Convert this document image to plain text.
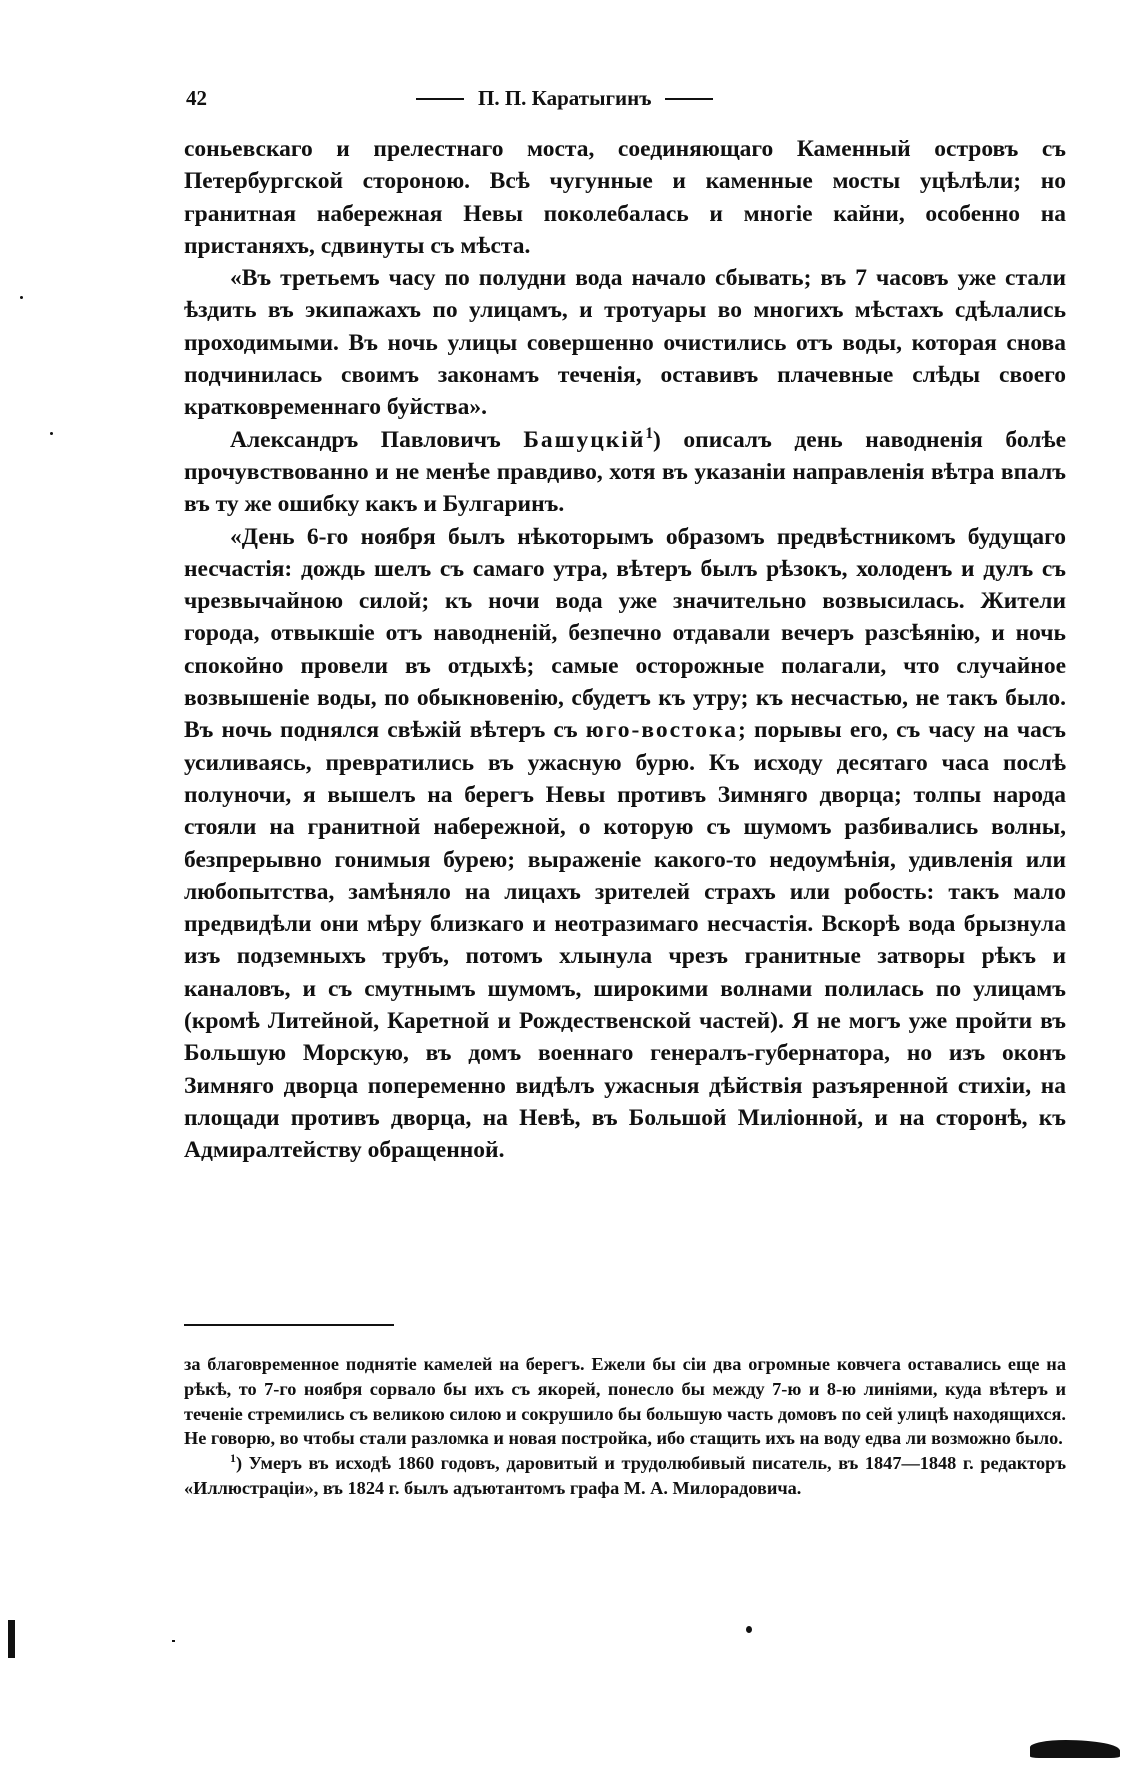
42	П. П. Каратыгинъ

соньевскаго и прелестнаго моста, соединяющаго Каменный островъ съ Петербургской стороною. Всѣ чугунные и каменные мосты уцѣлѣли; но гранитная набережная Невы поколебалась и многіе кайни, особенно на пристаняхъ, сдвинуты съ мѣста.

«Въ третьемъ часу по полудни вода начало сбывать; въ 7 часовъ уже стали ѣздить въ экипажахъ по улицамъ, и тротуары во многихъ мѣстахъ сдѣлались проходимыми. Въ ночь улицы совершенно очистились отъ воды, которая снова подчинилась своимъ законамъ теченія, оставивъ плачевные слѣды своего кратковременнаго буйства».

Александръ Павловичъ Башуцкій$^1$) описалъ день наводненія болѣе прочувствованно и не менѣе правдиво, хотя въ указаніи направленія вѣтра впалъ въ ту же ошибку какъ и Булгаринъ.

«День 6-го ноября былъ нѣкоторымъ образомъ предвѣстникомъ будущаго несчастія: дождь шелъ съ самаго утра, вѣтеръ былъ рѣзокъ, холоденъ и дулъ съ чрезвычайною силой; къ ночи вода уже значительно возвысилась. Жители города, отвыкшіе отъ наводненій, безпечно отдавали вечеръ разсѣянію, и ночь спокойно провели въ отдыхѣ; самые осторожные полагали, что случайное возвышеніе воды, по обыкновенію, сбудетъ къ утру; къ несчастью, не такъ было. Въ ночь поднялся свѣжій вѣтеръ съ юго-востока; порывы его, съ часу на часъ усиливаясь, превратились въ ужасную бурю. Къ исходу десятаго часа послѣ полуночи, я вышелъ на берегъ Невы противъ Зимняго дворца; толпы народа стояли на гранитной набережной, о которую съ шумомъ разбивались волны, безпрерывно гонимыя бурею; выраженіе какого-то недоумѣнія, удивленія или любопытства, замѣняло на лицахъ зрителей страхъ или робость: такъ мало предвидѣли они мѣру близкаго и неотразимаго несчастія. Вскорѣ вода брызнула изъ подземныхъ трубъ, потомъ хлынула чрезъ гранитные затворы рѣкъ и каналовъ, и съ смутнымъ шумомъ, широкими волнами полилась по улицамъ (кромѣ Литейной, Каретной и Рождественской частей). Я не могъ уже пройти въ Большую Морскую, въ домъ военнаго генералъ-губернатора, но изъ оконъ Зимняго дворца попеременно видѣлъ ужасныя дѣйствія разъяренной стихіи, на площади противъ дворца, на Невѣ, въ Большой Миліонной, и на сторонѣ, къ Адмиралтейству обращенной.

за благовременное поднятіе камелей на берегъ. Ежели бы сіи два огромные ковчега оставались еще на рѣкѣ, то 7-го ноября сорвало бы ихъ съ якорей, понесло бы между 7-ю и 8-ю линіями, куда вѣтеръ и теченіе стремились съ великою силою и сокрушило бы большую часть домовъ по сей улицѣ находящихся. Не говорю, во чтобы стали разломка и новая постройка, ибо стащить ихъ на воду едва ли возможно было.

$^1$) Умеръ въ исходѣ 1860 годовъ, даровитый и трудолюбивый писатель, въ 1847—1848 г. редакторъ «Иллюстраціи», въ 1824 г. былъ адъютантомъ графа М. А. Милорадовича.
